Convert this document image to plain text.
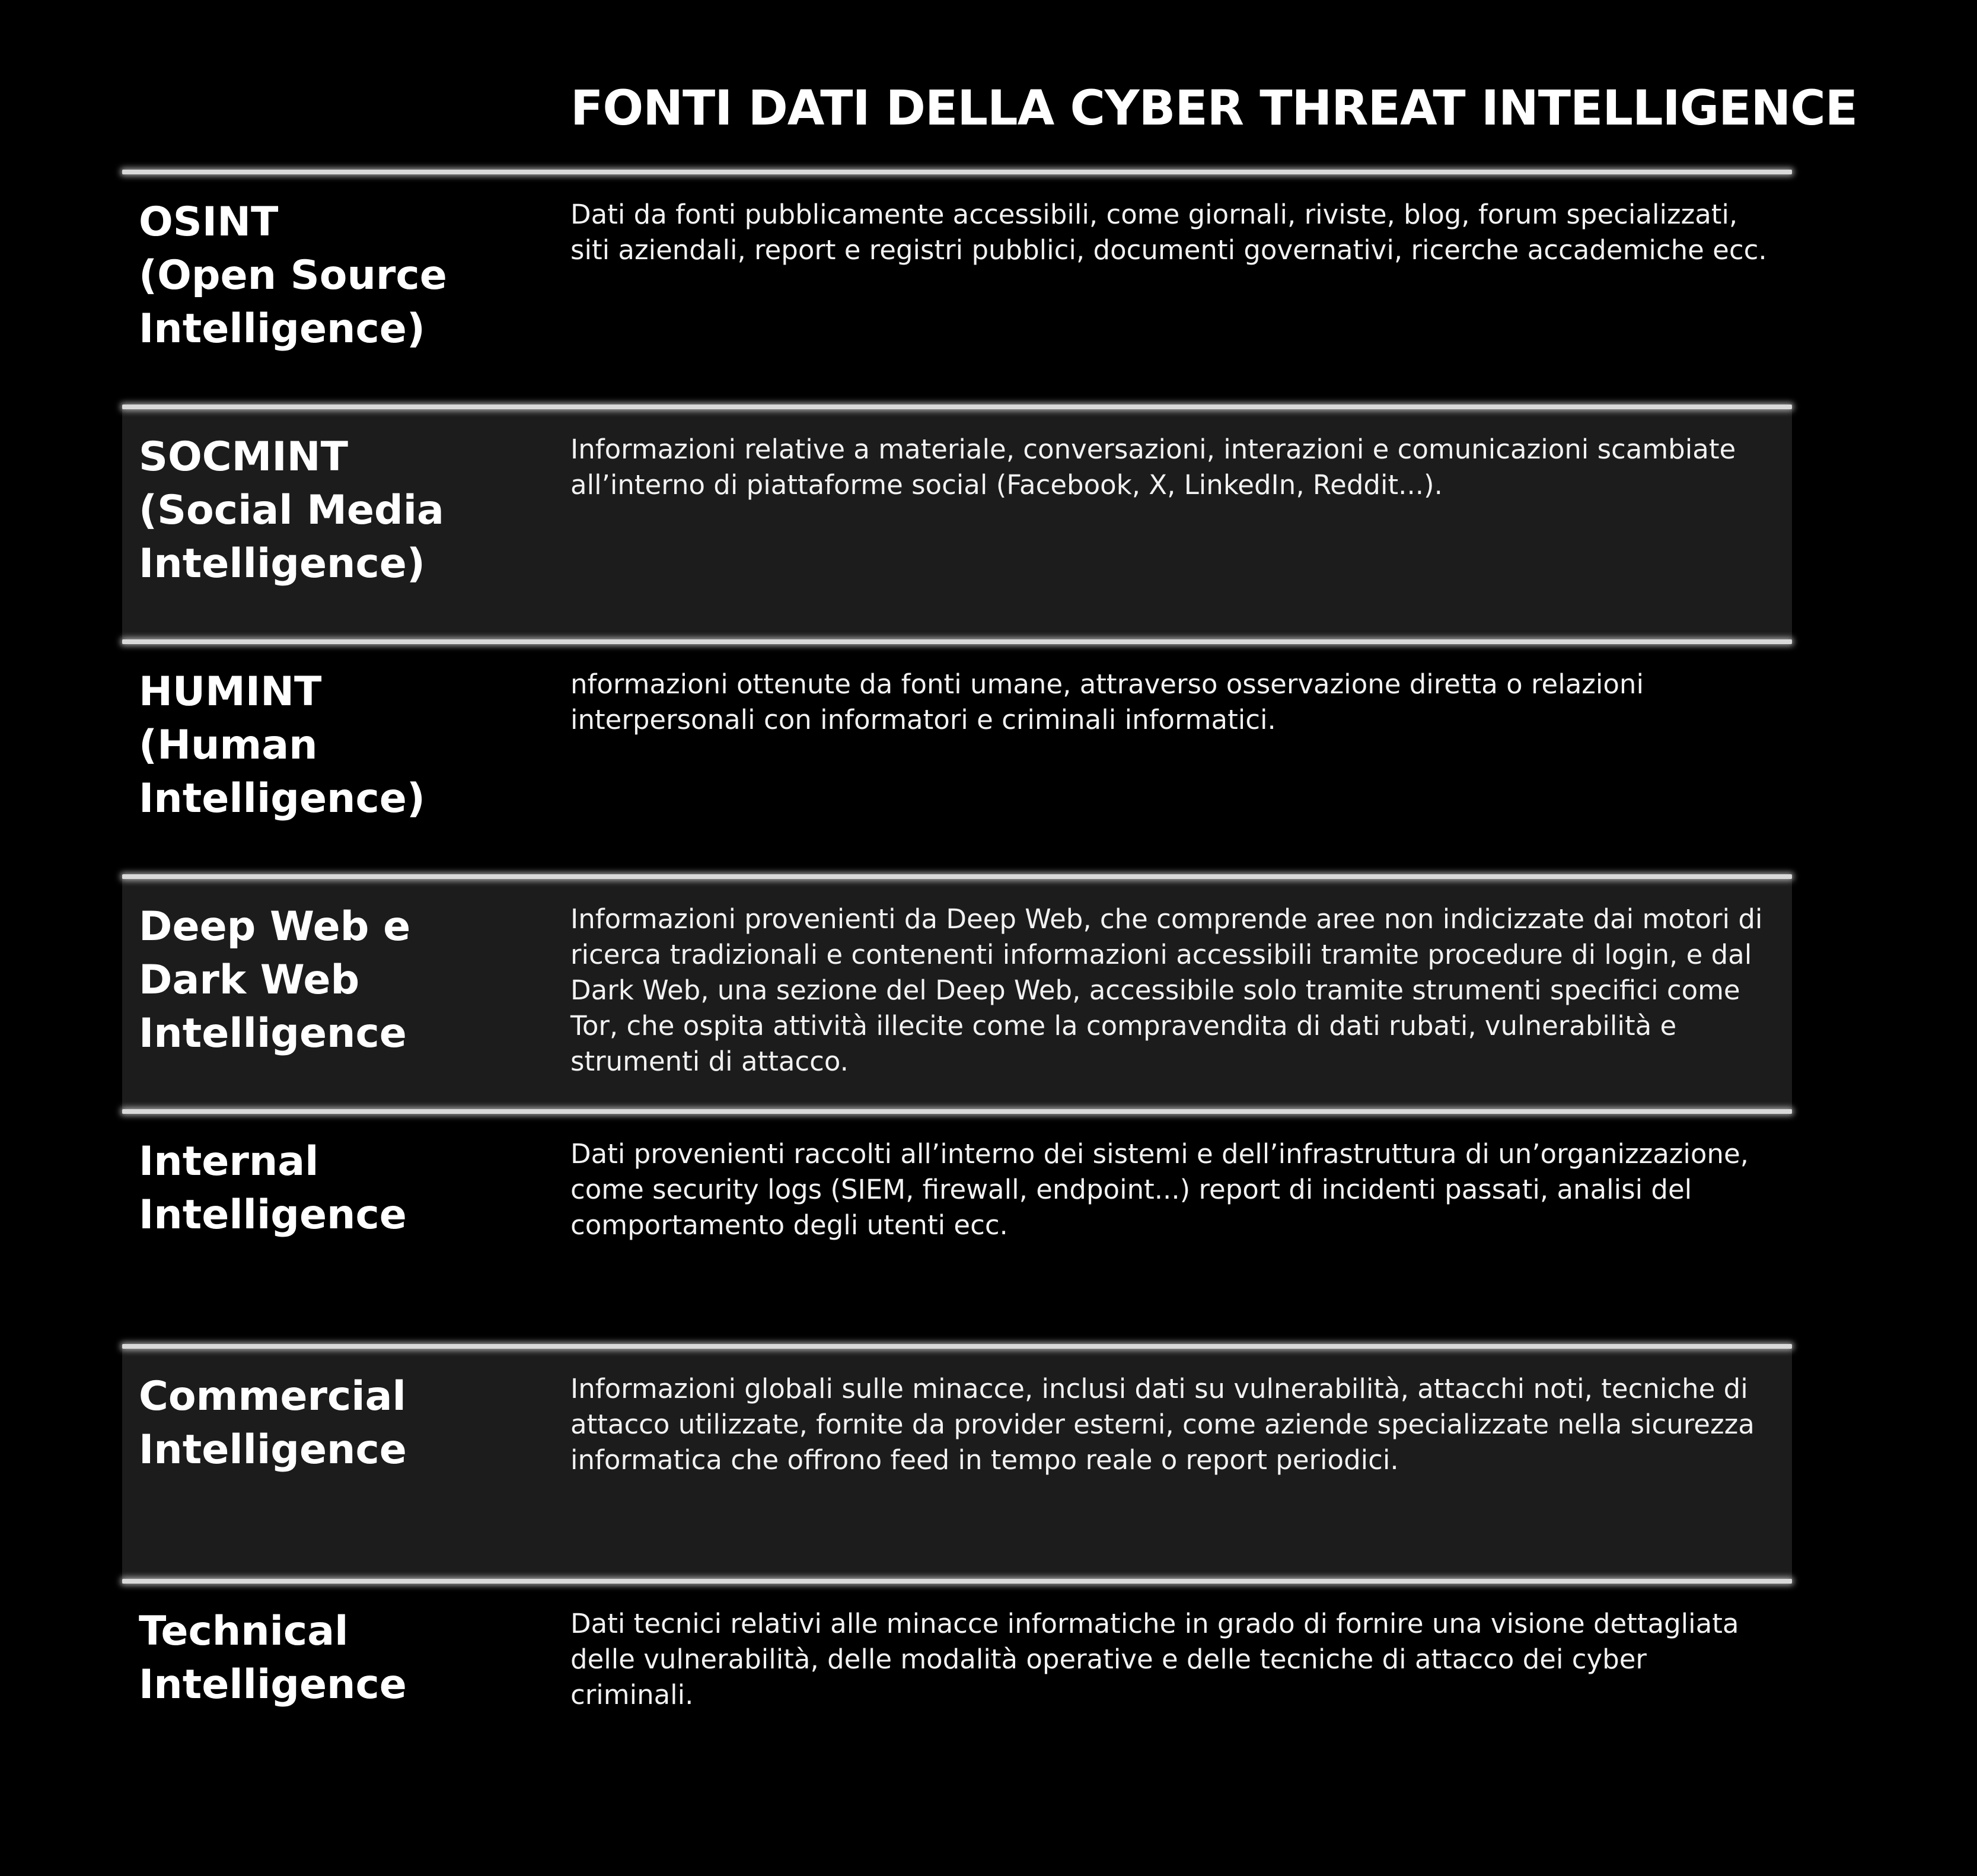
FONTI DATI DELLA CYBER THREAT INTELLIGENCE
OSINT
(Open Source
Intelligence)

Dati da fonti pubblicamente accessibili, come giornali, riviste, blog, forum specializzati, siti aziendali, report e registri pubblici, documenti governativi, ricerche accademiche ecc.

SOCMINT
(Social Media
Intelligence)

Informazioni relative a materiale, conversazioni, interazioni e comunicazioni scambiate all’interno di piattaforme social (Facebook, X, LinkedIn, Reddit...).

HUMINT
(Human
Intelligence)

nformazioni ottenute da fonti umane, attraverso osservazione diretta o relazioni interpersonali con informatori e criminali informatici.

Deep Web e
Dark Web
Intelligence

Informazioni provenienti da Deep Web, che comprende aree non indicizzate dai motori di ricerca tradizionali e contenenti informazioni accessibili tramite procedure di login, e dal Dark Web, una sezione del Deep Web, accessibile solo tramite strumenti specifici come Tor, che ospita attività illecite come la compravendita di dati rubati, vulnerabilità e strumenti di attacco.

Internal
Intelligence

Dati provenienti raccolti all’interno dei sistemi e dell’infrastruttura di un’organizzazione, come security logs (SIEM, firewall, endpoint...) report di incidenti passati, analisi del comportamento degli utenti ecc.

Commercial
Intelligence

Informazioni globali sulle minacce, inclusi dati su vulnerabilità, attacchi noti, tecniche di attacco utilizzate, fornite da provider esterni, come aziende specializzate nella sicurezza informatica che offrono feed in tempo reale o report periodici.

Technical
Intelligence

Dati tecnici relativi alle minacce informatiche in grado di fornire una visione dettagliata delle vulnerabilità, delle modalità operative e delle tecniche di attacco dei cyber criminali.
